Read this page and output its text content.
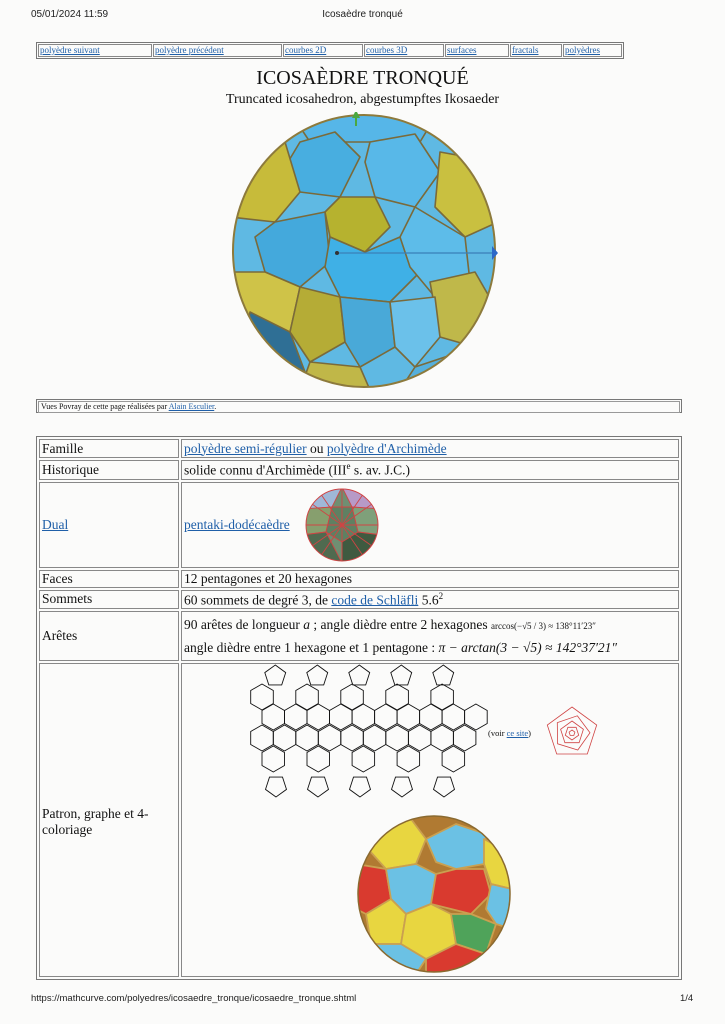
05/01/2024 11:59	Icosaèdre tronqué
polyèdre suivant	polyèdre précédent	courbes 2D	courbes 3D	surfaces	fractals	polyèdres
ICOSAÈDRE TRONQUÉ
Truncated icosahedron, abgestumpftes Ikosaeder
Vues Povray de cette page réalisées par Alain Esculier.
Famille	polyèdre semi-régulier ou polyèdre d'Archimède
Historique	solide connu d'Archimède (IIIe s. av. J.C.)
Dual	pentaki-dodécaèdre

Faces	12 pentagones et 20 hexagones
Sommets	60 sommets de degré 3, de code de Schläfli $5.6^2$
Arêtes	90 arêtes de longueur a ; angle dièdre entre 2 hexagones arccos(−√5 / 3) ≈ 138°11′23″
angle dièdre entre 1 hexagone et 1 pentagone : π − arctan(3 − √5) ≈ 142°37′21″

Patron, graphe et 4-coloriage	(voir ce site)
https://mathcurve.com/polyedres/icosaedre_tronque/icosaedre_tronque.shtml	1/4
